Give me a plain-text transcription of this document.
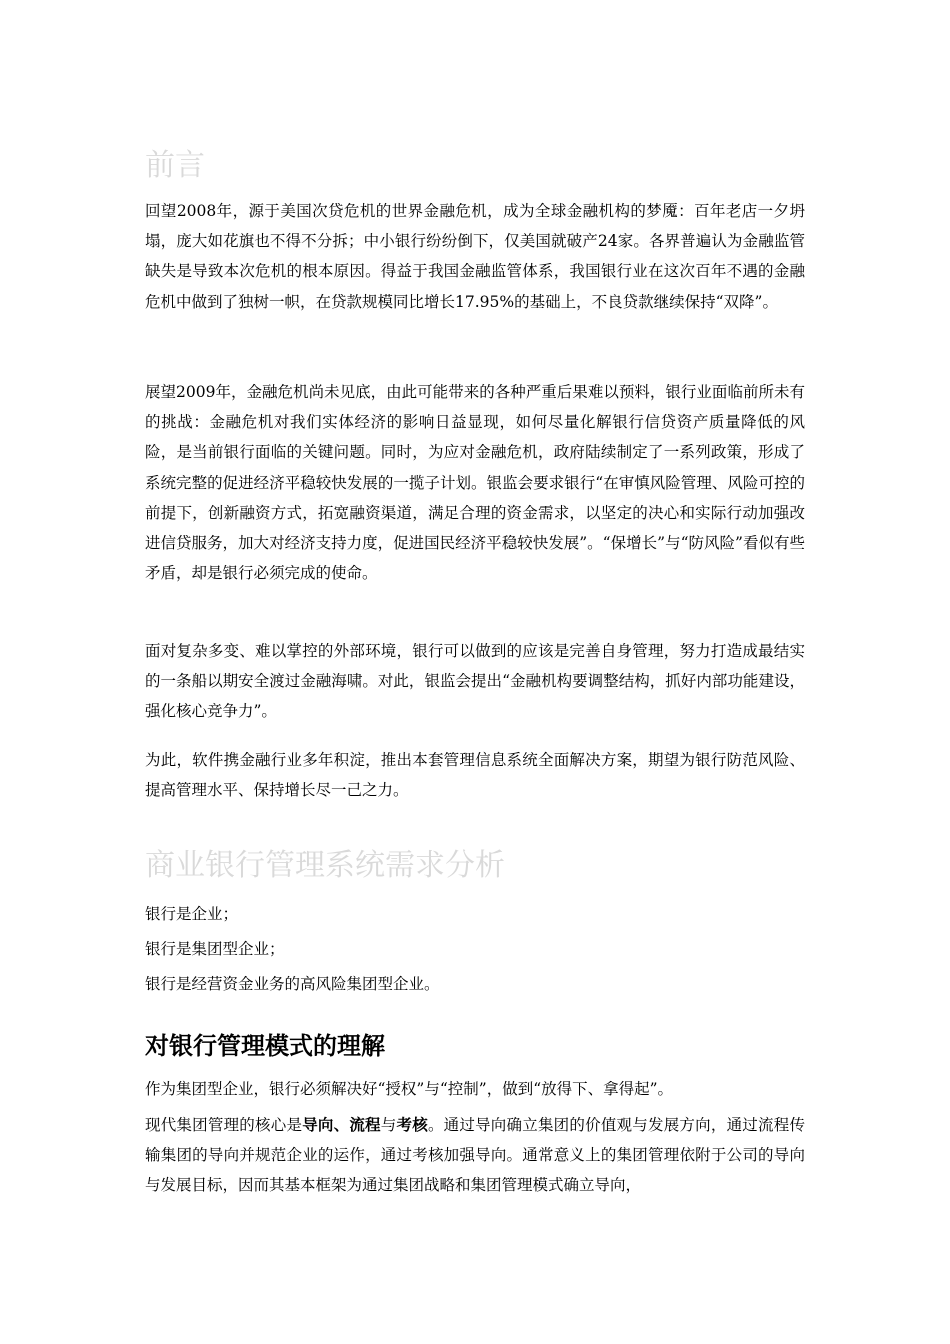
前言
回望2008年，源于美国次贷危机的世界金融危机，成为全球金融机构的梦魇：百年老店一夕坍塌，庞大如花旗也不得不分拆；中小银行纷纷倒下，仅美国就破产24家。各界普遍认为金融监管缺失是导致本次危机的根本原因。得益于我国金融监管体系，我国银行业在这次百年不遇的金融危机中做到了独树一帜，在贷款规模同比增长17.95%的基础上，不良贷款继续保持“双降”。
展望2009年，金融危机尚未见底，由此可能带来的各种严重后果难以预料，银行业面临前所未有的挑战：金融危机对我们实体经济的影响日益显现，如何尽量化解银行信贷资产质量降低的风险，是当前银行面临的关键问题。同时，为应对金融危机，政府陆续制定了一系列政策，形成了系统完整的促进经济平稳较快发展的一揽子计划。银监会要求银行“在审慎风险管理、风险可控的前提下，创新融资方式，拓宽融资渠道，满足合理的资金需求，以坚定的决心和实际行动加强改进信贷服务，加大对经济支持力度，促进国民经济平稳较快发展”。“保增长”与“防风险”看似有些矛盾，却是银行必须完成的使命。
面对复杂多变、难以掌控的外部环境，银行可以做到的应该是完善自身管理，努力打造成最结实的一条船以期安全渡过金融海啸。对此，银监会提出“金融机构要调整结构，抓好内部功能建设，强化核心竞争力”。
为此，软件携金融行业多年积淀，推出本套管理信息系统全面解决方案，期望为银行防范风险、提高管理水平、保持增长尽一己之力。
商业银行管理系统需求分析
银行是企业；
银行是集团型企业；
银行是经营资金业务的高风险集团型企业。
对银行管理模式的理解
作为集团型企业，银行必须解决好“授权”与“控制”，做到“放得下、拿得起”。
现代集团管理的核心是导向、流程与考核。通过导向确立集团的价值观与发展方向，通过流程传输集团的导向并规范企业的运作，通过考核加强导向。通常意义上的集团管理依附于公司的导向与发展目标，因而其基本框架为通过集团战略和集团管理模式确立导向，
